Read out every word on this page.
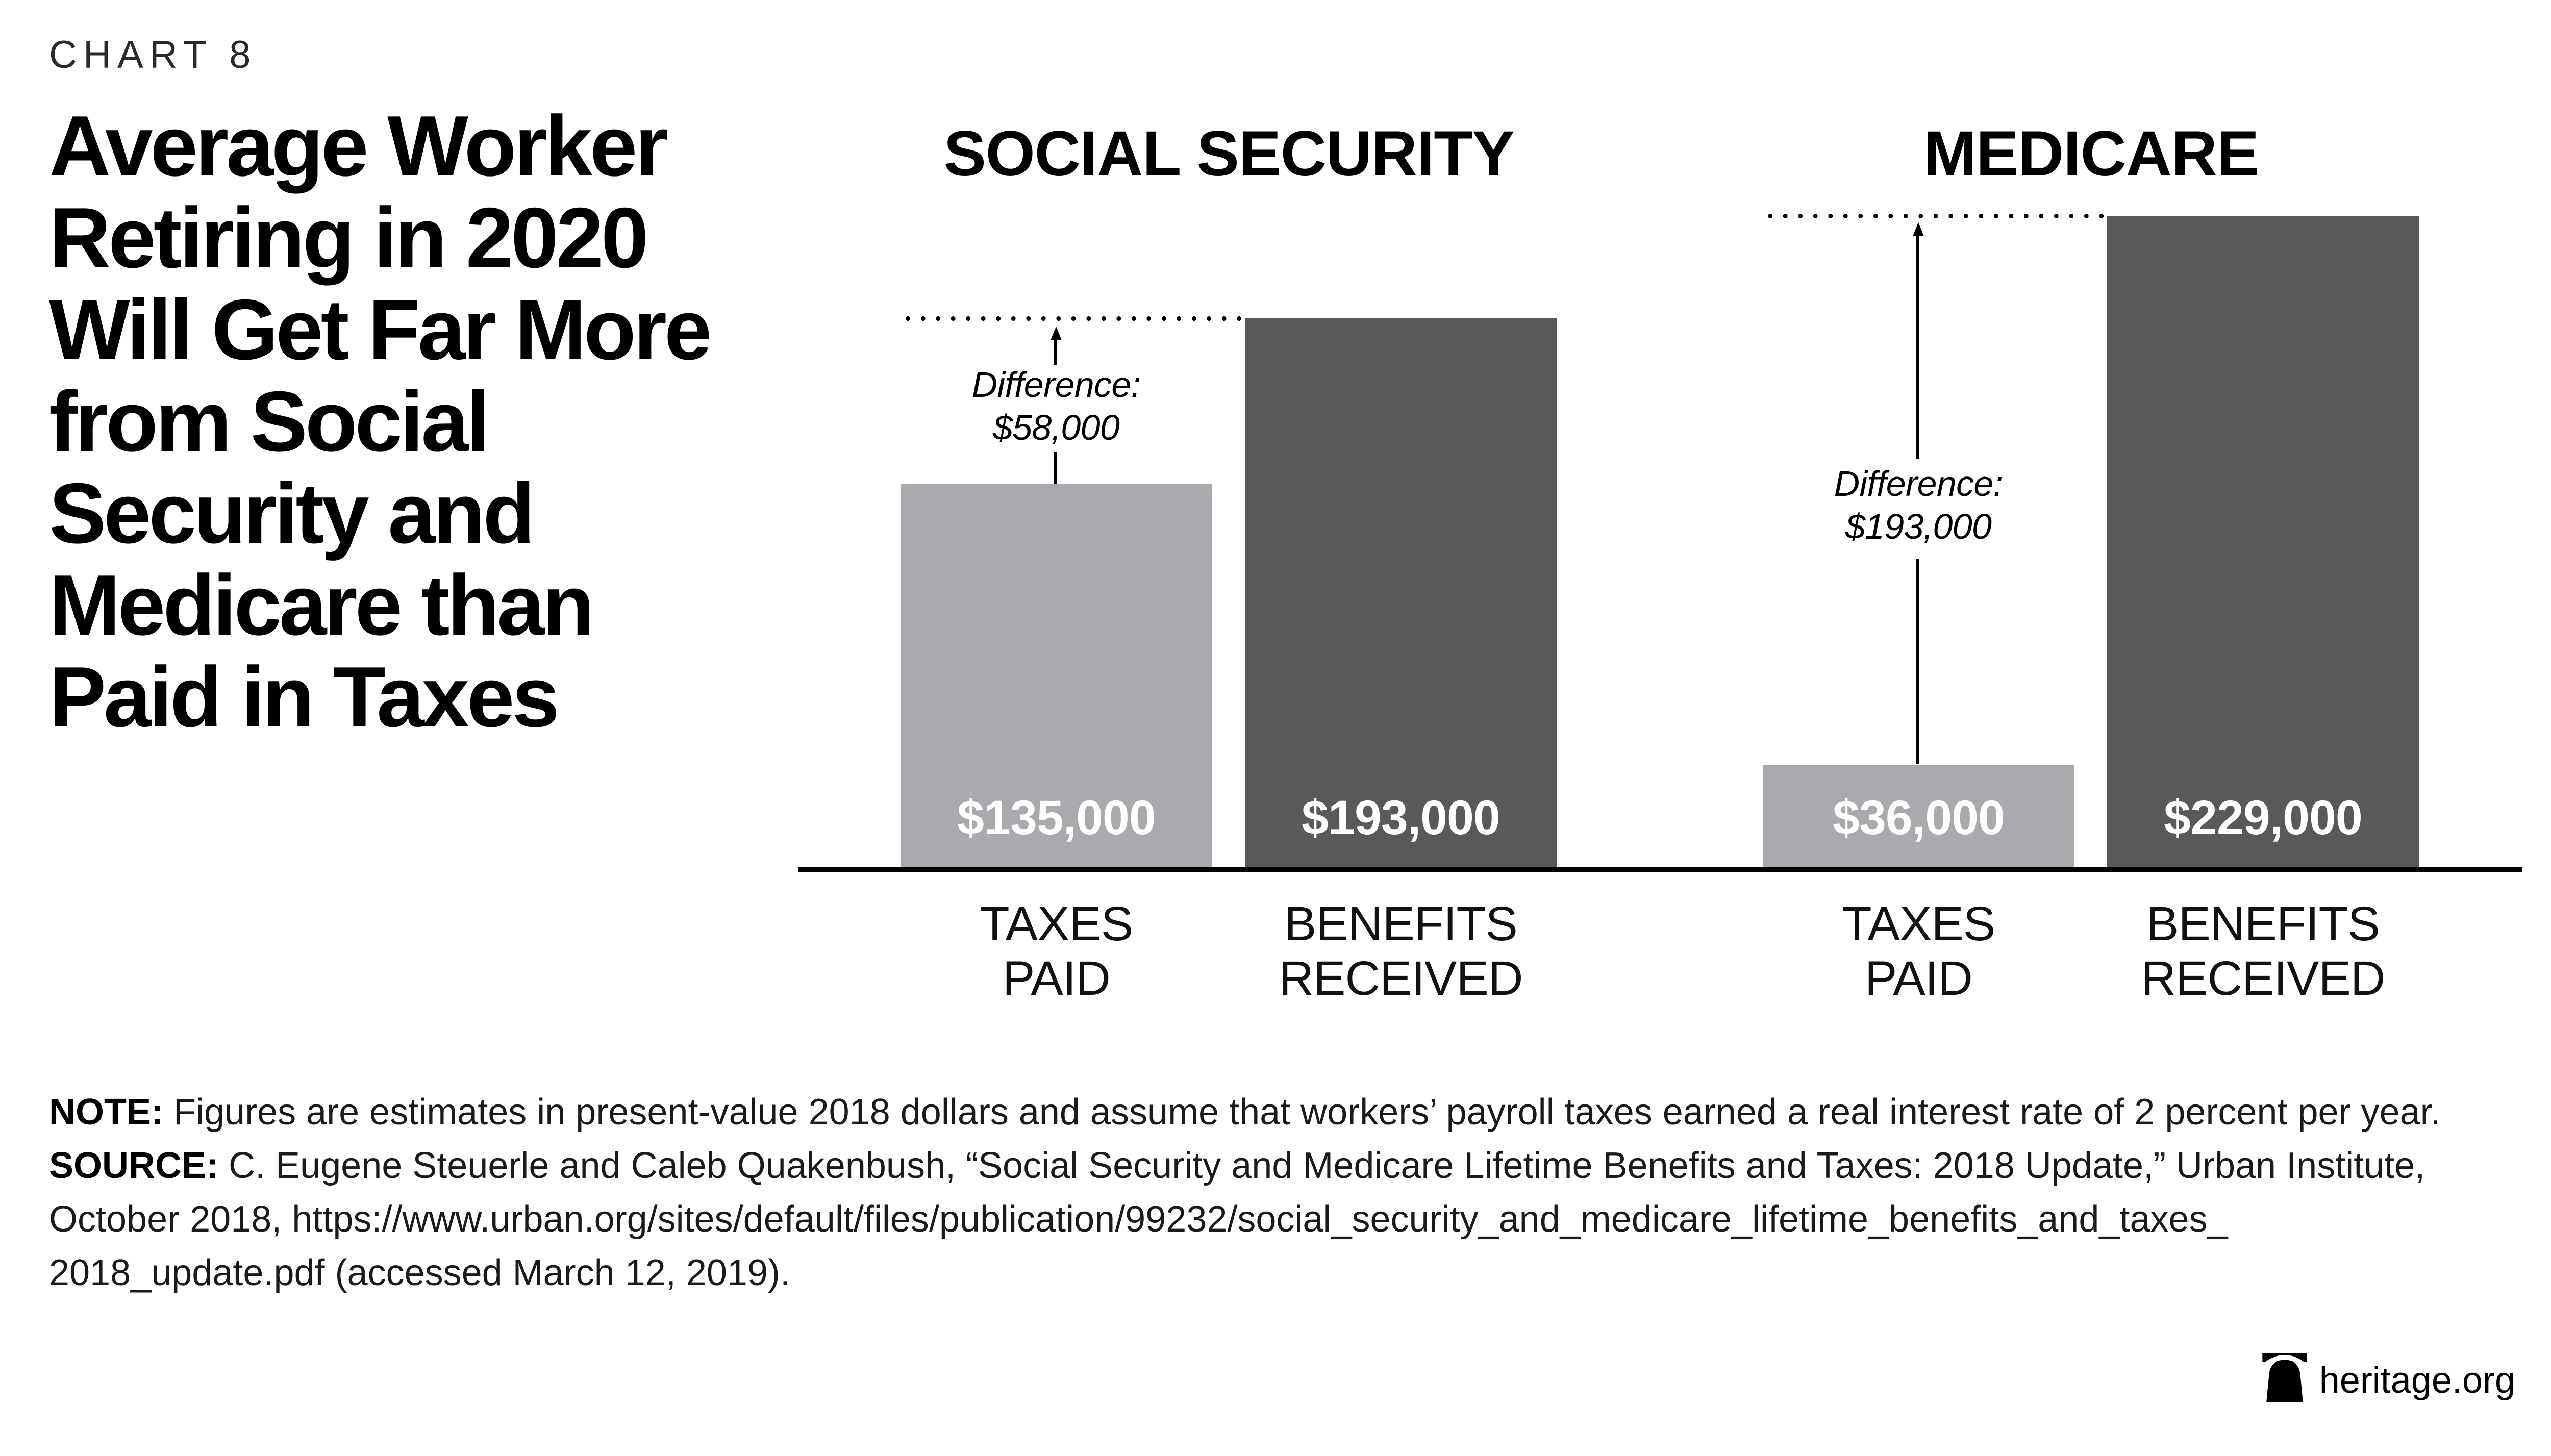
CHART 8
Average Worker
Retiring in 2020
Will Get Far More
from Social
Security and
Medicare than
Paid in Taxes
SOCIAL SECURITY	MEDICARE
Difference:
$58,000
Difference:
$193,000
$135,000	$193,000	$36,000	$229,000
TAXES
PAID
BENEFITS
RECEIVED
TAXES
PAID
BENEFITS
RECEIVED
NOTE: Figures are estimates in present-value 2018 dollars and assume that workers’ payroll taxes earned a real interest rate of 2 percent per year.
SOURCE: C. Eugene Steuerle and Caleb Quakenbush, “Social Security and Medicare Lifetime Benefits and Taxes: 2018 Update,” Urban Institute,
October 2018, https://www.urban.org/sites/default/files/publication/99232/social_security_and_medicare_lifetime_benefits_and_taxes_
2018_update.pdf (accessed March 12, 2019).
heritage.org
